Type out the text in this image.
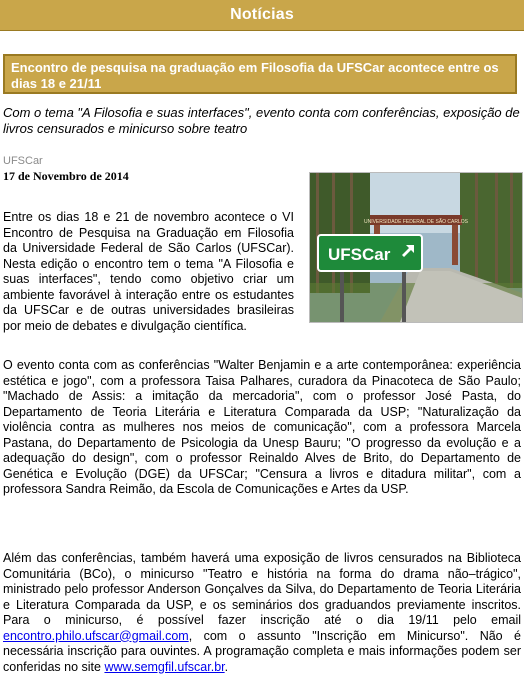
Notícias
Encontro de pesquisa na graduação em Filosofia da UFSCar acontece entre os dias 18 e 21/11
Com o tema "A Filosofia e suas interfaces", evento conta com conferências, exposição de livros censurados e minicurso sobre teatro
UFSCar
17 de Novembro de 2014
UNIVERSIDADE FEDERAL DE SÃO CARLOS
UFSCar
Entre os dias 18 e 21 de novembro acontece o VI Encontro de Pesquisa na Graduação em Filosofia da Universidade Federal de São Carlos (UFSCar). Nesta edição o encontro tem o tema "A Filosofia e suas interfaces", tendo como objetivo criar um ambiente favorável à interação entre os estudantes da UFSCar e de outras universidades brasileiras por meio de debates e divulgação científica.
O evento conta com as conferências "Walter Benjamin e a arte contemporânea: experiência estética e jogo", com a professora Taisa Palhares, curadora da Pinacoteca de São Paulo; "Machado de Assis: a imitação da mercadoria", com o professor José Pasta, do Departamento de Teoria Literária e Literatura Comparada da USP; "Naturalização da violência contra as mulheres nos meios de comunicação", com a professora Marcela Pastana, do Departamento de Psicologia da Unesp Bauru; "O progresso da evolução e a adequação do design", com o professor Reinaldo Alves de Brito, do Departamento de Genética e Evolução (DGE) da UFSCar; "Censura a livros e ditadura militar", com a professora Sandra Reimão, da Escola de Comunicações e Artes da USP.
Além das conferências, também haverá uma exposição de livros censurados na Biblioteca Comunitária (BCo), o minicurso "Teatro e história na forma do drama não–trágico", ministrado pelo professor Anderson Gonçalves da Silva, do Departamento de Teoria Literária e Literatura Comparada da USP, e os seminários dos graduandos previamente inscritos. Para o minicurso, é possível fazer inscrição até o dia 19/11 pelo email encontro.philo.ufscar@gmail.com, com o assunto "Inscrição em Minicurso". Não é necessária inscrição para ouvintes. A programação completa e mais informações podem ser conferidas no site www.semgfil.ufscar.br.
